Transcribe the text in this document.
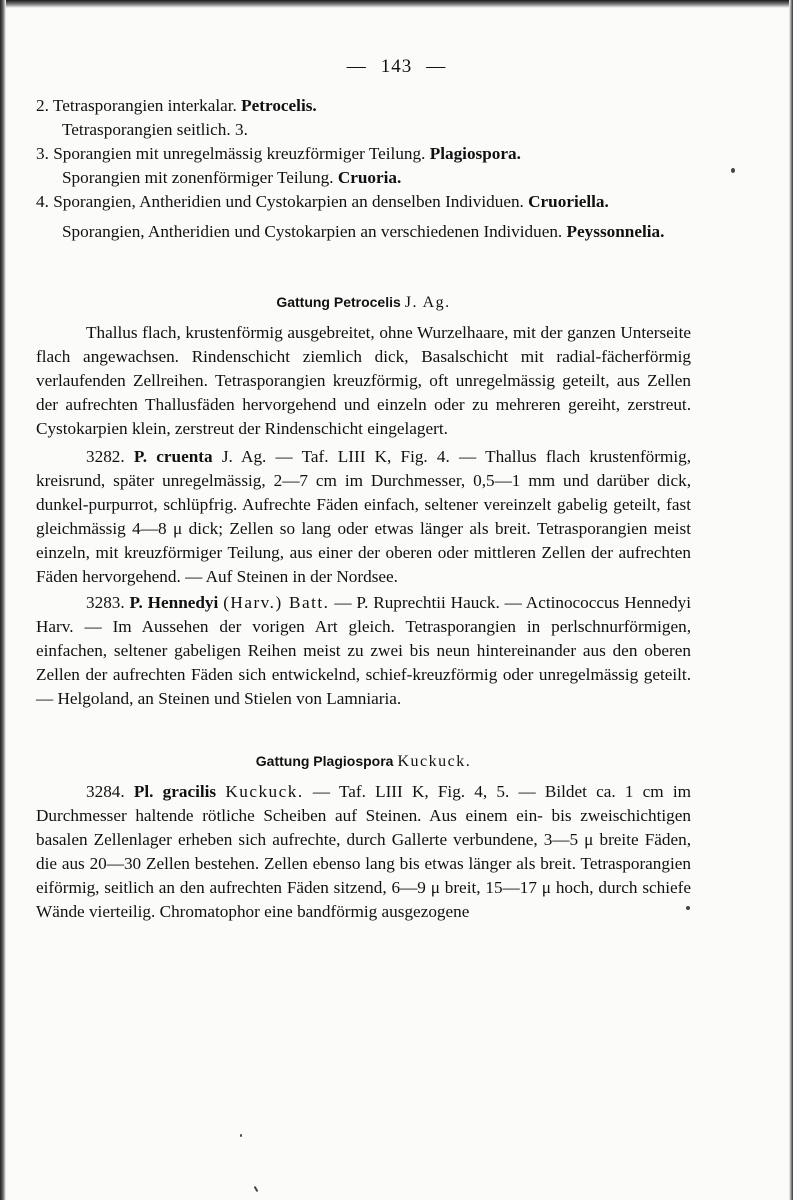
— 143 —

2. Tetrasporangien interkalar. Petrocelis.

Tetrasporangien seitlich. 3.

3. Sporangien mit unregelmässig kreuzförmiger Teilung. Plagiospora.

Sporangien mit zonenförmiger Teilung. Cruoria.

4. Sporangien, Antheridien und Cystokarpien an denselben Individuen. Cruoriella.

Sporangien, Antheridien und Cystokarpien an verschiedenen Individuen. Peyssonnelia.

Gattung Petrocelis J. Ag.

Thallus flach, krustenförmig ausgebreitet, ohne Wurzelhaare, mit der ganzen Unterseite flach angewachsen. Rindenschicht ziemlich dick, Basalschicht mit radial-fächerförmig verlaufenden Zellreihen. Tetrasporangien kreuzförmig, oft unregelmässig geteilt, aus Zellen der aufrechten Thallusfäden hervorgehend und einzeln oder zu mehreren gereiht, zerstreut. Cystokarpien klein, zerstreut der Rindenschicht eingelagert.

3282. P. cruenta J. Ag. — Taf. LIII K, Fig. 4. — Thallus flach krustenförmig, kreisrund, später unregelmässig, 2—7 cm im Durchmesser, 0,5—1 mm und darüber dick, dunkel-purpurrot, schlüpfrig. Aufrechte Fäden einfach, seltener vereinzelt gabelig geteilt, fast gleichmässig 4—8 μ dick; Zellen so lang oder etwas länger als breit. Tetrasporangien meist einzeln, mit kreuzförmiger Teilung, aus einer der oberen oder mittleren Zellen der aufrechten Fäden hervorgehend. — Auf Steinen in der Nordsee.

3283. P. Hennedyi (Harv.) Batt. — P. Ruprechtii Hauck. — Actinococcus Hennedyi Harv. — Im Aussehen der vorigen Art gleich. Tetrasporangien in perlschnurförmigen, einfachen, seltener gabeligen Reihen meist zu zwei bis neun hintereinander aus den oberen Zellen der aufrechten Fäden sich entwickelnd, schief-kreuzförmig oder unregelmässig geteilt. — Helgoland, an Steinen und Stielen von Lamniaria.

Gattung Plagiospora Kuckuck.

3284. Pl. gracilis Kuckuck. — Taf. LIII K, Fig. 4, 5. — Bildet ca. 1 cm im Durchmesser haltende rötliche Scheiben auf Steinen. Aus einem ein- bis zweischichtigen basalen Zellenlager erheben sich aufrechte, durch Gallerte verbundene, 3—5 μ breite Fäden, die aus 20—30 Zellen bestehen. Zellen ebenso lang bis etwas länger als breit. Tetrasporangien eiförmig, seitlich an den aufrechten Fäden sitzend, 6—9 μ breit, 15—17 μ hoch, durch schiefe Wände vierteilig. Chromatophor eine bandförmig ausgezogene
